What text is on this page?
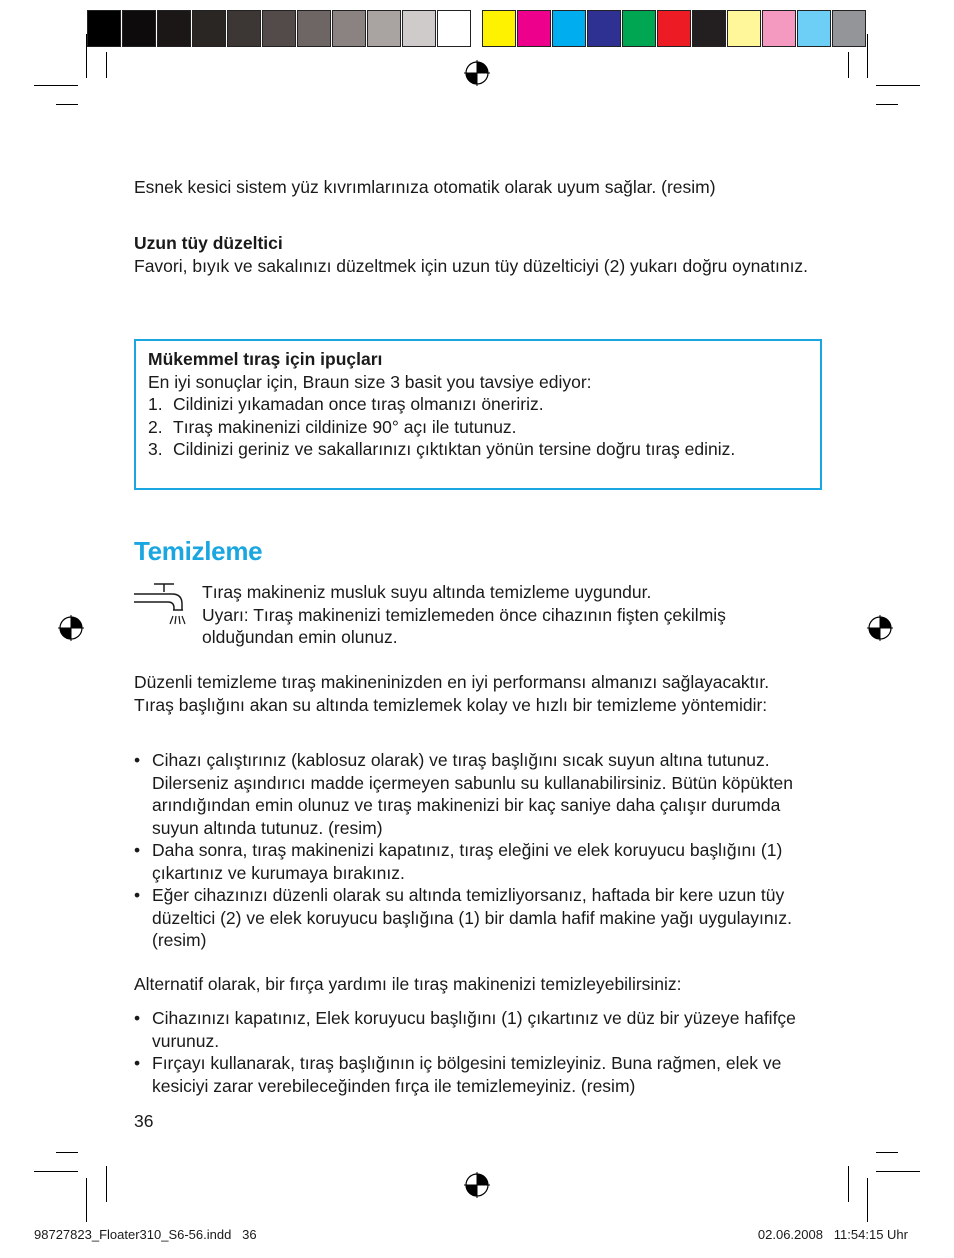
Esnek kesici sistem yüz kıvrımlarınıza otomatik olarak uyum sağlar. (resim)

Uzun tüy düzeltici

Favori, bıyık ve sakalınızı düzeltmek için uzun tüy düzelticiyi (2) yukarı doğru oynatınız.

Mükemmel tıraş için ipuçları
En iyi sonuçlar için, Braun size 3 basit you tavsiye ediyor:
1. Cildinizi yıkamadan once tıraş olmanızı öneririz.
2. Tıraş makinenizi cildinize 90° açı ile tutunuz.
3. Cildinizi geriniz ve sakallarınızı çıktıktan yönün tersine doğru tıraş ediniz.
Temizleme

Tıraş makineniz musluk suyu altında temizleme uygundur.
Uyarı: Tıraş makinenizi temizlemeden önce cihazının fişten çekilmiş olduğundan emin olunuz.

Düzenli temizleme tıraş makineninizden en iyi performansı almanızı sağlayacaktır. Tıraş başlığını akan su altında temizlemek kolay ve hızlı bir temizleme yöntemidir:

• Cihazı çalıştırınız (kablosuz olarak) ve tıraş başlığını sıcak suyun altına tutunuz. Dilerseniz aşındırıcı madde içermeyen sabunlu su kullanabilirsiniz. Bütün köpükten arındığından emin olunuz ve tıraş makinenizi bir kaç saniye daha çalışır durumda suyun altında tutunuz. (resim)
• Daha sonra, tıraş makinenizi kapatınız, tıraş eleğini ve elek koruyucu başlığını (1) çıkartınız ve kurumaya bırakınız.
• Eğer cihazınızı düzenli olarak su altında temizliyorsanız, haftada bir kere uzun tüy düzeltici (2) ve elek koruyucu başlığına (1) bir damla hafif makine yağı uygulayınız. (resim)

Alternatif olarak, bir fırça yardımı ile tıraş makinenizi temizleyebilirsiniz:

• Cihazınızı kapatınız, Elek koruyucu başlığını (1) çıkartınız ve düz bir yüzeye hafifçe vurunuz.
• Fırçayı kullanarak, tıraş başlığının iç bölgesini temizleyiniz. Buna rağmen, elek ve kesiciyi zarar verebileceğinden fırça ile temizlemeyiniz. (resim)

36

98727823_Floater310_S6-56.indd   36	02.06.2008   11:54:15 Uhr
